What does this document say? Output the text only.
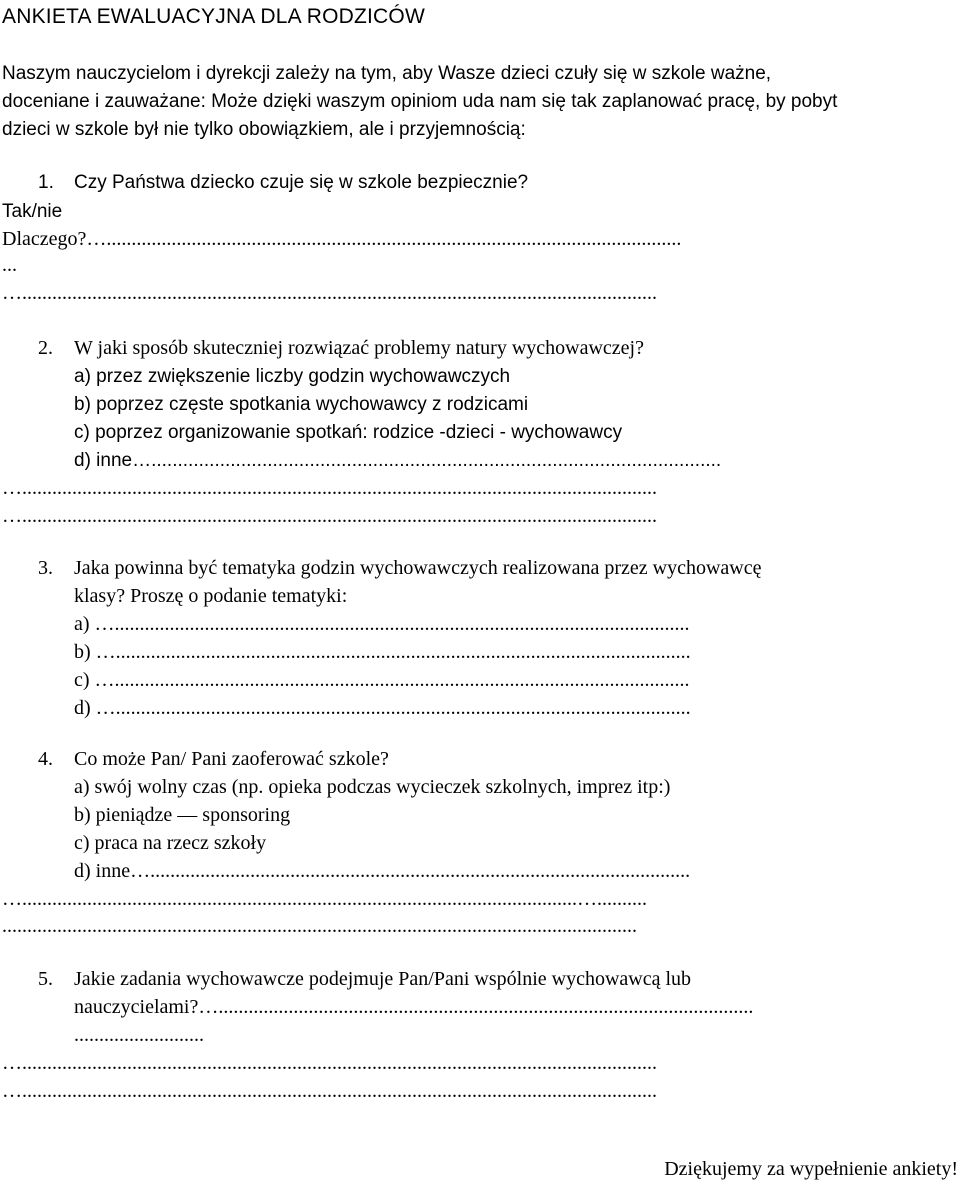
ANKIETA EWALUACYJNA DLA RODZICÓW
Naszym nauczycielom i dyrekcji zależy na tym, aby Wasze dzieci czuły się w szkole ważne,
doceniane i zauważane: Może dzięki waszym opiniom uda nam się tak zaplanować pracę, by pobyt
dzieci w szkole był nie tylko obowiązkiem, ale i przyjemnością:
1. Czy Państwa dziecko czuje się w szkole bezpiecznie?
Tak/nie
Dlaczego?…...................................................................................................................
...
…...............................................................................................................................
2. W jaki sposób skuteczniej rozwiązać problemy natury wychowawczej?
a) przez zwiększenie liczby godzin wychowawczych
b) poprzez częste spotkania wychowawcy z rodzicami
c) poprzez organizowanie spotkań: rodzice -dzieci - wychowawcy
d) inne…............................................................................................................
…...............................................................................................................................
…...............................................................................................................................
3. Jaka powinna być tematyka godzin wychowawczych realizowana przez wychowawcę
klasy? Proszę o podanie tematyki:
a) …...................................................................................................................
b) …...................................................................................................................
c) …...................................................................................................................
d) …...................................................................................................................
4. Co może Pan/ Pani zaoferować szkole?
a) swój wolny czas (np. opieka podczas wycieczek szkolnych, imprez itp:)
b) pieniądze –– sponsoring
c) praca na rzecz szkoły
d) inne…............................................................................................................
…...............................................................................................................…..........
...............................................................................................................................
5. Jakie zadania wychowawcze podejmuje Pan/Pani wspólnie wychowawcą lub
nauczycielami?…...........................................................................................................
..........................
…...............................................................................................................................
…...............................................................................................................................
Dziękujemy za wypełnienie ankiety!
